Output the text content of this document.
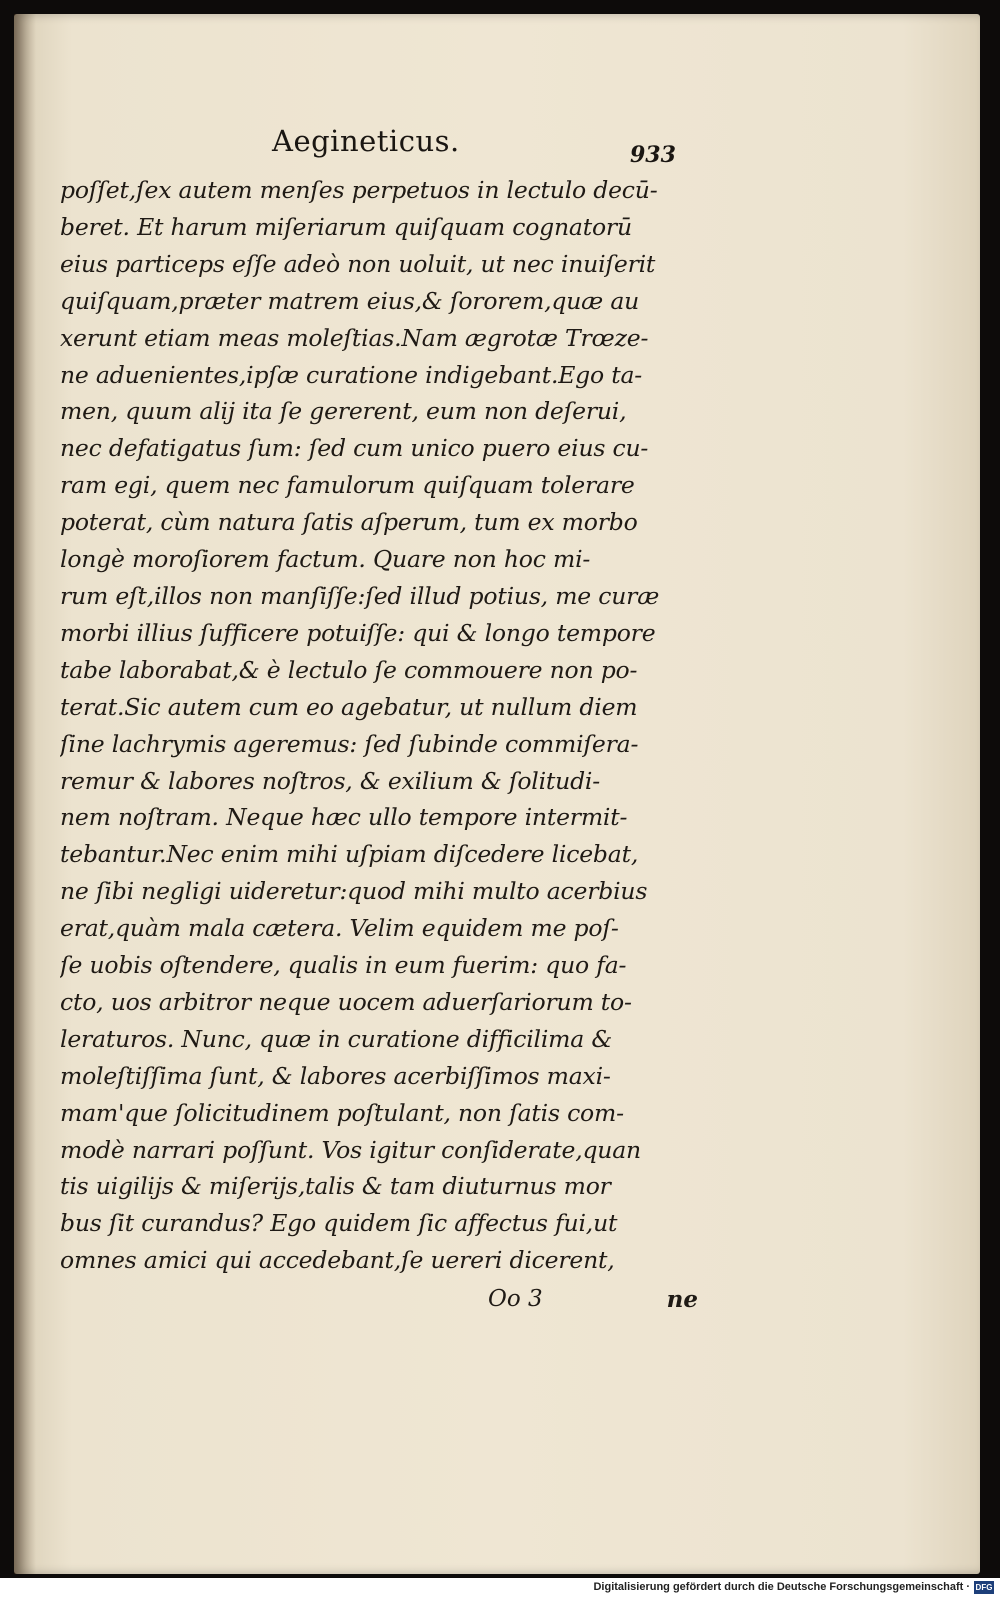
Aegineticus.	933
poſſet,ſex autem menſes perpetuos in lectulo decū-
beret. Et harum miſeriarum quiſquam cognatorū
eius particeps eſſe adeò non uoluit, ut nec inuiſerit
quiſquam,præter matrem eius,& ſororem,quæ au
xerunt etiam meas moleſtias.Nam ægrotæ Trœze-
ne aduenientes,ipſæ curatione indigebant.Ego ta-
men, quum alij ita ſe gererent, eum non deſerui,
nec defatigatus ſum: ſed cum unico puero eius cu-
ram egi, quem nec famulorum quiſquam tolerare
poterat, cùm natura ſatis aſperum, tum ex morbo
longè moroſiorem factum. Quare non hoc mi-
rum eſt,illos non manſiſſe:ſed illud potius, me curæ
morbi illius ſufficere potuiſſe: qui & longo tempore
tabe laborabat,& è lectulo ſe commouere non po-
terat.Sic autem cum eo agebatur, ut nullum diem
ſine lachrymis ageremus: ſed ſubinde commiſera-
remur & labores noſtros, & exilium & ſolitudi-
nem noſtram. Neque hæc ullo tempore intermit-
tebantur.Nec enim mihi uſpiam diſcedere licebat,
ne ſibi negligi uideretur:quod mihi multo acerbius
erat,quàm mala cætera. Velim equidem me poſ-
ſe uobis oſtendere, qualis in eum fuerim: quo fa-
cto, uos arbitror neque uocem aduerſariorum to-
leraturos. Nunc, quæ in curatione difficilima &
moleſtiſſima ſunt, & labores acerbiſſimos maxi-
mam'que ſolicitudinem poſtulant, non ſatis com-
modè narrari poſſunt. Vos igitur conſiderate,quan
tis uigilijs & miſerijs,talis & tam diuturnus mor
bus ſit curandus? Ego quidem ſic affectus fui,ut
omnes amici qui accedebant,ſe uereri dicerent,
Oo 3	ne
Digitalisierung gefördert durch die Deutsche Forschungsgemeinschaft · DFG
